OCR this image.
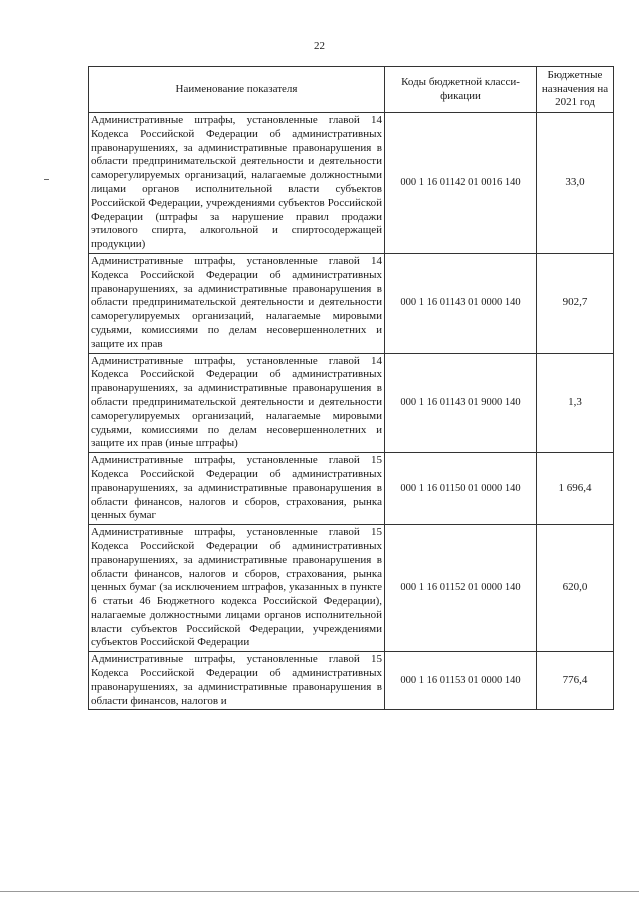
22
Наименование показателя	Коды бюджетной класси-фикации	Бюджетные назначения на 2021 год
Административные штрафы, установленные главой 14 Кодекса Российской Федерации об административных правонарушениях, за административные правонарушения в области предпринимательской деятельности и деятельности саморегулируемых организаций, налагаемые должностными лицами органов исполнительной власти субъектов Российской Федерации, учреждениями субъектов Российской Федерации (штрафы за нарушение правил продажи этилового спирта, алкогольной и спиртосодержащей продукции)	000 1 16 01142 01 0016 140	33,0
Административные штрафы, установленные главой 14 Кодекса Российской Федерации об административных правонарушениях, за административные правонарушения в области предпринимательской деятельности и деятельности саморегулируемых организаций, налагаемые мировыми судьями, комиссиями по делам несовершеннолетних и защите их прав	000 1 16 01143 01 0000 140	902,7
Административные штрафы, установленные главой 14 Кодекса Российской Федерации об административных правонарушениях, за административные правонарушения в области предпринимательской деятельности и деятельности саморегулируемых организаций, налагаемые мировыми судьями, комиссиями по делам несовершеннолетних и защите их прав (иные штрафы)	000 1 16 01143 01 9000 140	1,3
Административные штрафы, установленные главой 15 Кодекса Российской Федерации об административных правонарушениях, за административные правонарушения в области финансов, налогов и сборов, страхования, рынка ценных бумаг	000 1 16 01150 01 0000 140	1 696,4
Административные штрафы, установленные главой 15 Кодекса Российской Федерации об административных правонарушениях, за административные правонарушения в области финансов, налогов и сборов, страхования, рынка ценных бумаг (за исключением штрафов, указанных в пункте 6 статьи 46 Бюджетного кодекса Российской Федерации), налагаемые должностными лицами органов исполнительной власти субъектов Российской Федерации, учреждениями субъектов Российской Федерации	000 1 16 01152 01 0000 140	620,0
Административные штрафы, установленные главой 15 Кодекса Российской Федерации об административных правонарушениях, за административные правонарушения в области финансов, налогов и	000 1 16 01153 01 0000 140	776,4
